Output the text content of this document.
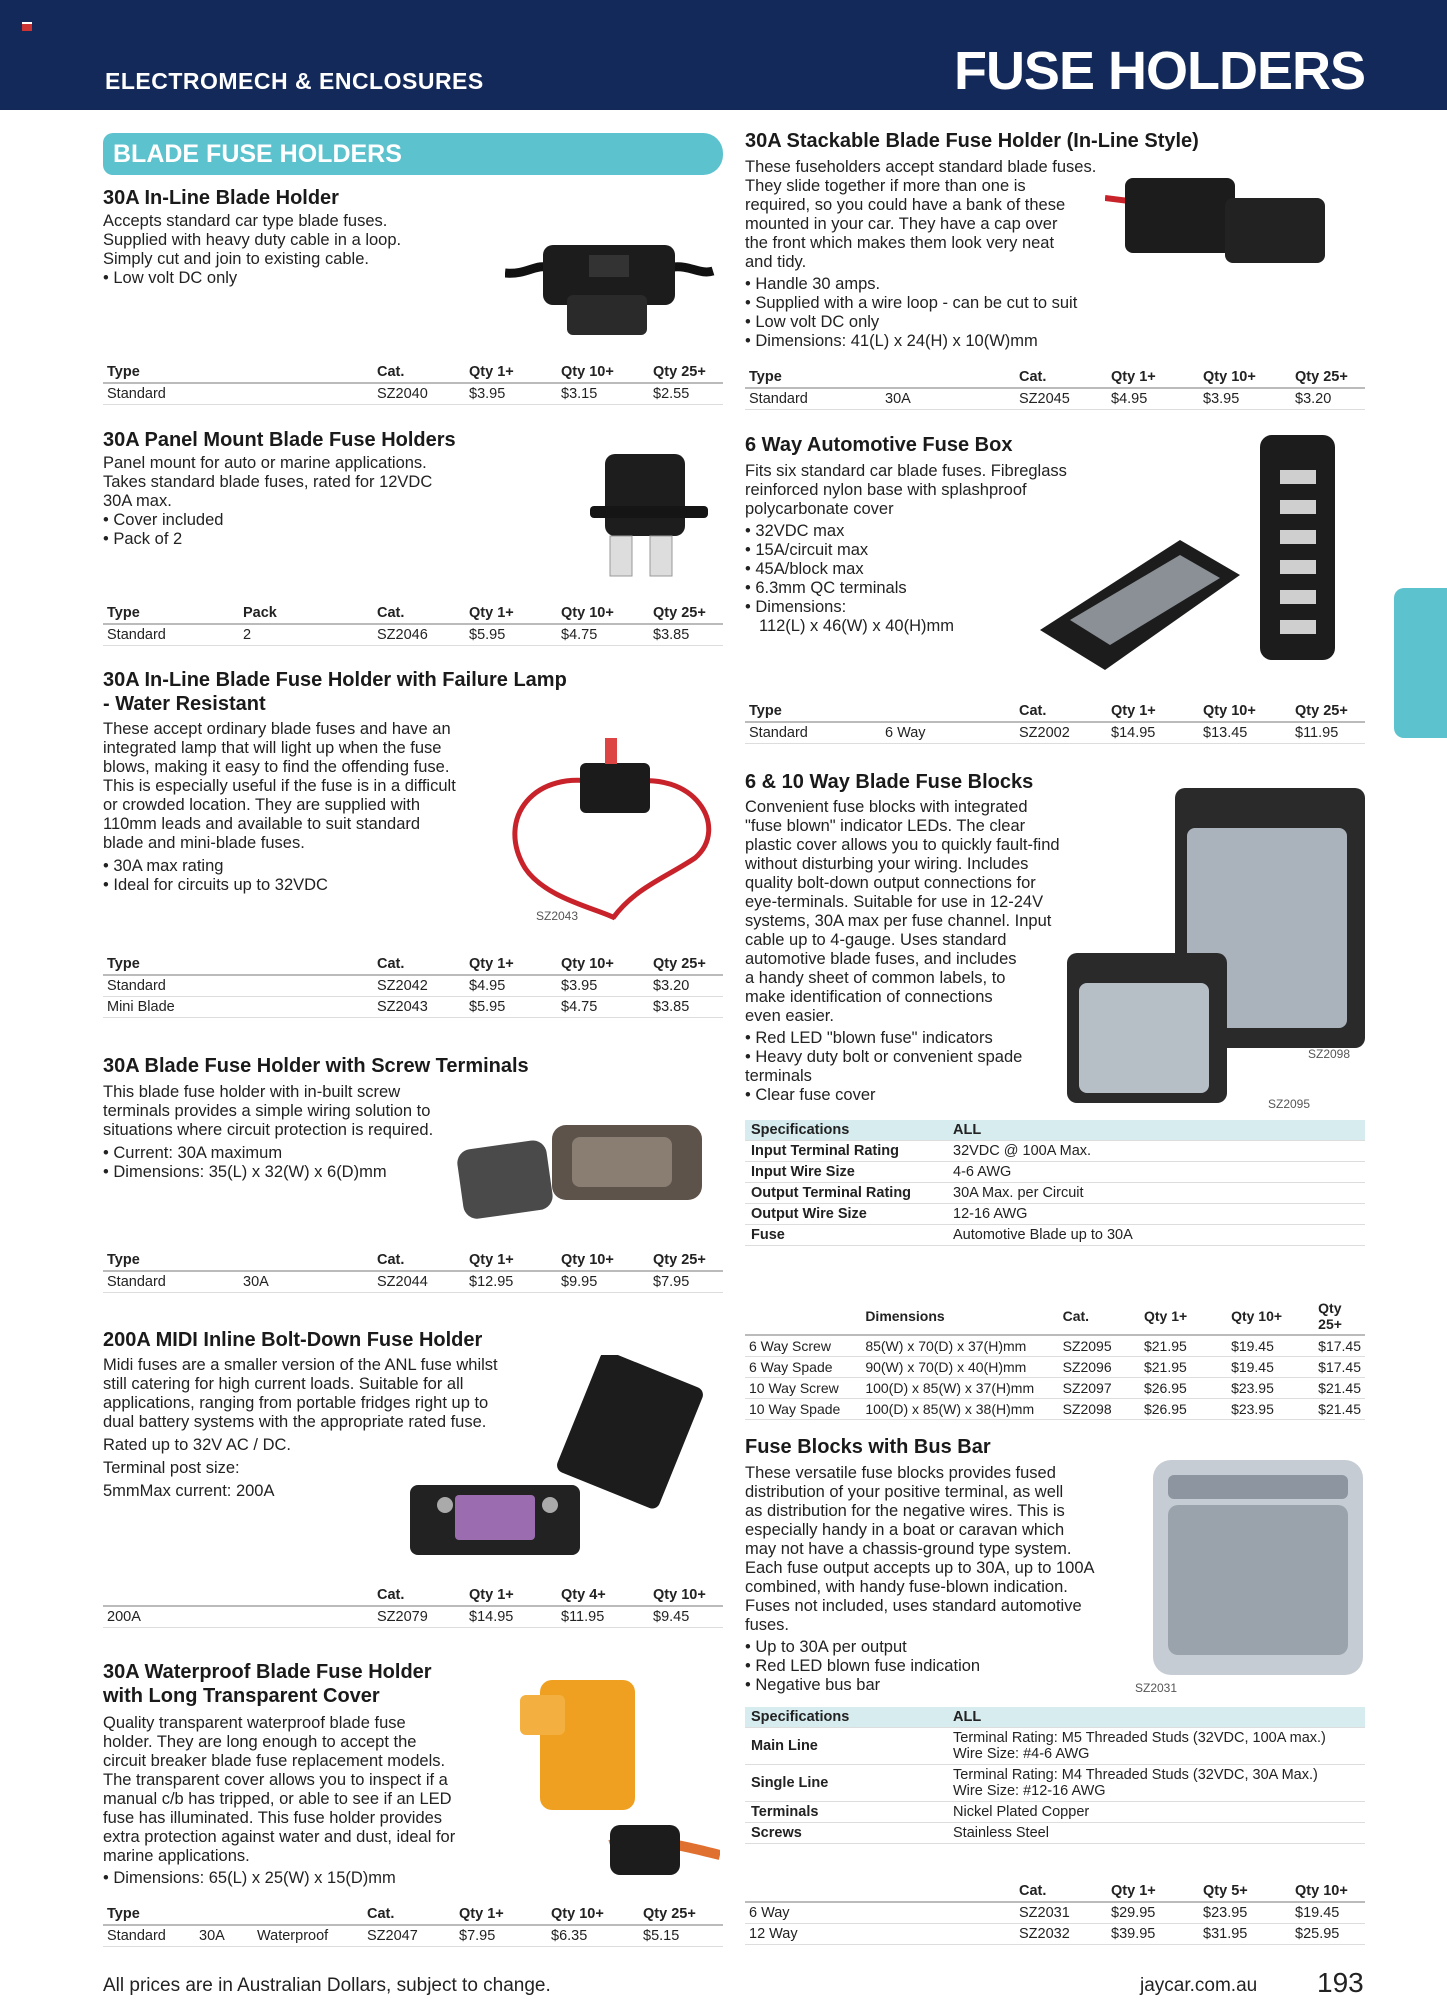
ELECTROMECH & ENCLOSURES	FUSE HOLDERS
BLADE FUSE HOLDERS
30A In-Line Blade Holder

Accepts standard car type blade fuses.

Supplied with heavy duty cable in a loop.

Simply cut and join to existing cable.

• Low volt DC only
Type	Cat.	Qty 1+	Qty 10+	Qty 25+
Standard	SZ2040	$3.95	$3.15	$2.55
30A Panel Mount Blade Fuse Holders

Panel mount for auto or marine applications.

Takes standard blade fuses, rated for 12VDC

30A max.

• Cover included
• Pack of 2
Type	Pack	Cat.	Qty 1+	Qty 10+	Qty 25+
Standard	2	SZ2046	$5.95	$4.75	$3.85
30A In-Line Blade Fuse Holder with Failure Lamp
- Water Resistant

These accept ordinary blade fuses and have an

integrated lamp that will light up when the fuse

blows, making it easy to find the offending fuse.

This is especially useful if the fuse is in a difficult

or crowded location. They are supplied with

110mm leads and available to suit standard

blade and mini-blade fuses.

• 30A max rating
• Ideal for circuits up to 32VDC
SZ2043
Type	Cat.	Qty 1+	Qty 10+	Qty 25+
Standard	SZ2042	$4.95	$3.95	$3.20
Mini Blade	SZ2043	$5.95	$4.75	$3.85
30A Blade Fuse Holder with Screw Terminals

This blade fuse holder with in-built screw

terminals provides a simple wiring solution to

situations where circuit protection is required.

• Current: 30A maximum
• Dimensions: 35(L) x 32(W) x 6(D)mm
Type		Cat.	Qty 1+	Qty 10+	Qty 25+
Standard	30A	SZ2044	$12.95	$9.95	$7.95
200A MIDI Inline Bolt-Down Fuse Holder

Midi fuses are a smaller version of the ANL fuse whilst

still catering for high current loads. Suitable for all

applications, ranging from portable fridges right up to

dual battery systems with the appropriate rated fuse.

Rated up to 32V AC / DC.

Terminal post size:

5mmMax current: 200A

	Cat.	Qty 1+	Qty 4+	Qty 10+
200A	SZ2079	$14.95	$11.95	$9.45
30A Waterproof Blade Fuse Holder
with Long Transparent Cover

Quality transparent waterproof blade fuse

holder. They are long enough to accept the

circuit breaker blade fuse replacement models.

The transparent cover allows you to inspect if a

manual c/b has tripped, or able to see if an LED

fuse has illuminated. This fuse holder provides

extra protection against water and dust, ideal for

marine applications.

• Dimensions: 65(L) x 25(W) x 15(D)mm
Type			Cat.	Qty 1+	Qty 10+	Qty 25+
Standard	30A	Waterproof	SZ2047	$7.95	$6.35	$5.15
30A Stackable Blade Fuse Holder (In-Line Style)

These fuseholders accept standard blade fuses.

They slide together if more than one is

required, so you could have a bank of these

mounted in your car. They have a cap over

the front which makes them look very neat

and tidy.

• Handle 30 amps.
• Supplied with a wire loop - can be cut to suit
• Low volt DC only
• Dimensions: 41(L) x 24(H) x 10(W)mm
Type		Cat.	Qty 1+	Qty 10+	Qty 25+
Standard	30A	SZ2045	$4.95	$3.95	$3.20
6 Way Automotive Fuse Box

Fits six standard car blade fuses. Fibreglass

reinforced nylon base with splashproof

polycarbonate cover

• 32VDC max
• 15A/circuit max
• 45A/block max
• 6.3mm QC terminals
• Dimensions:

112(L) x 46(W) x 40(H)mm

Type		Cat.	Qty 1+	Qty 10+	Qty 25+
Standard	6 Way	SZ2002	$14.95	$13.45	$11.95
6 & 10 Way Blade Fuse Blocks

Convenient fuse blocks with integrated

"fuse blown" indicator LEDs. The clear

plastic cover allows you to quickly fault-find

without disturbing your wiring. Includes

quality bolt-down output connections for

eye-terminals. Suitable for use in 12-24V

systems, 30A max per fuse channel. Input

cable up to 4-gauge. Uses standard

automotive blade fuses, and includes

a handy sheet of common labels, to

make identification of connections

even easier.

• Red LED "blown fuse" indicators
• Heavy duty bolt or convenient spade terminals
• Clear fuse cover
SZ2098
SZ2095
Specifications	ALL
Input Terminal Rating	32VDC @ 100A Max.
Input Wire Size	4-6 AWG
Output Terminal Rating	30A Max. per Circuit
Output Wire Size	12-16 AWG
Fuse	Automotive Blade up to 30A
	Dimensions	Cat.	Qty 1+	Qty 10+	Qty 25+
6 Way Screw	85(W) x 70(D) x 37(H)mm	SZ2095	$21.95	$19.45	$17.45
6 Way Spade	90(W) x 70(D) x 40(H)mm	SZ2096	$21.95	$19.45	$17.45
10 Way Screw	100(D) x 85(W) x 37(H)mm	SZ2097	$26.95	$23.95	$21.45
10 Way Spade	100(D) x 85(W) x 38(H)mm	SZ2098	$26.95	$23.95	$21.45
Fuse Blocks with Bus Bar

These versatile fuse blocks provides fused

distribution of your positive terminal, as well

as distribution for the negative wires. This is

especially handy in a boat or caravan which

may not have a chassis-ground type system.

Each fuse output accepts up to 30A, up to 100A

combined, with handy fuse-blown indication.

Fuses not included, uses standard automotive

fuses.

• Up to 30A per output
• Red LED blown fuse indication
• Negative bus bar	SZ2031
Specifications	ALL
Main Line	Terminal Rating: M5 Threaded Studs (32VDC, 100A max.)
Wire Size: #4-6 AWG

Single Line	Terminal Rating: M4 Threaded Studs (32VDC, 30A Max.)
Wire Size: #12-16 AWG

Terminals	Nickel Plated Copper
Screws	Stainless Steel
	Cat.	Qty 1+	Qty 5+	Qty 10+
6 Way	SZ2031	$29.95	$23.95	$19.45
12 Way	SZ2032	$39.95	$31.95	$25.95
All prices are in Australian Dollars, subject to change.	jaycar.com.au 193
